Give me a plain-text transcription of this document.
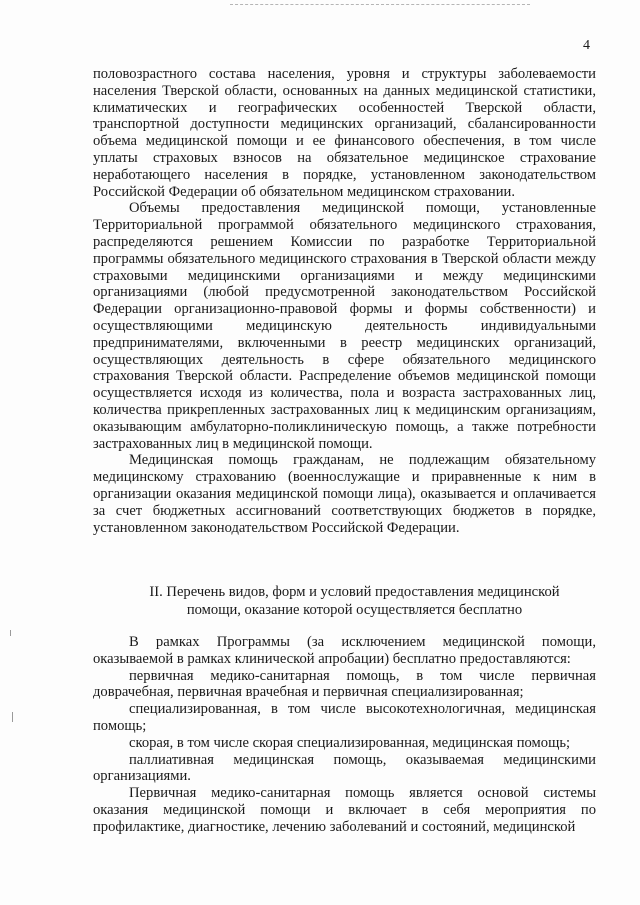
4

половозрастного состава населения, уровня и структуры заболеваемости населения Тверской области, основанных на данных медицинской статистики, климатических и географических особенностей Тверской области, транспортной доступности медицинских организаций, сбалансированности объема медицинской помощи и ее финансового обеспечения, в том числе уплаты страховых взносов на обязательное медицинское страхование неработающего населения в порядке, установленном законодательством Российской Федерации об обязательном медицинском страховании.

Объемы предоставления медицинской помощи, установленные Территориальной программой обязательного медицинского страхования, распределяются решением Комиссии по разработке Территориальной программы обязательного медицинского страхования в Тверской области между страховыми медицинскими организациями и между медицинскими организациями (любой предусмотренной законодательством Российской Федерации организационно-правовой формы и формы собственности) и осуществляющими медицинскую деятельность индивидуальными предпринимателями, включенными в реестр медицинских организаций, осуществляющих деятельность в сфере обязательного медицинского страхования Тверской области. Распределение объемов медицинской помощи осуществляется исходя из количества, пола и возраста застрахованных лиц, количества прикрепленных застрахованных лиц к медицинским организациям, оказывающим амбулаторно-поликлиническую помощь, а также потребности застрахованных лиц в медицинской помощи.

Медицинская помощь гражданам, не подлежащим обязательному медицинскому страхованию (военнослужащие и приравненные к ним в организации оказания медицинской помощи лица), оказывается и оплачивается за счет бюджетных ассигнований соответствующих бюджетов в порядке, установленном законодательством Российской Федерации.

II. Перечень видов, форм и условий предоставления медицинской
помощи, оказание которой осуществляется бесплатно

В рамках Программы (за исключением медицинской помощи, оказываемой в рамках клинической апробации) бесплатно предоставляются:

первичная медико-санитарная помощь, в том числе первичная доврачебная, первичная врачебная и первичная специализированная;

специализированная, в том числе высокотехнологичная, медицинская помощь;

скорая, в том числе скорая специализированная, медицинская помощь;

паллиативная медицинская помощь, оказываемая медицинскими организациями.

Первичная медико-санитарная помощь является основой системы оказания медицинской помощи и включает в себя мероприятия по профилактике, диагностике, лечению заболеваний и состояний, медицинской
